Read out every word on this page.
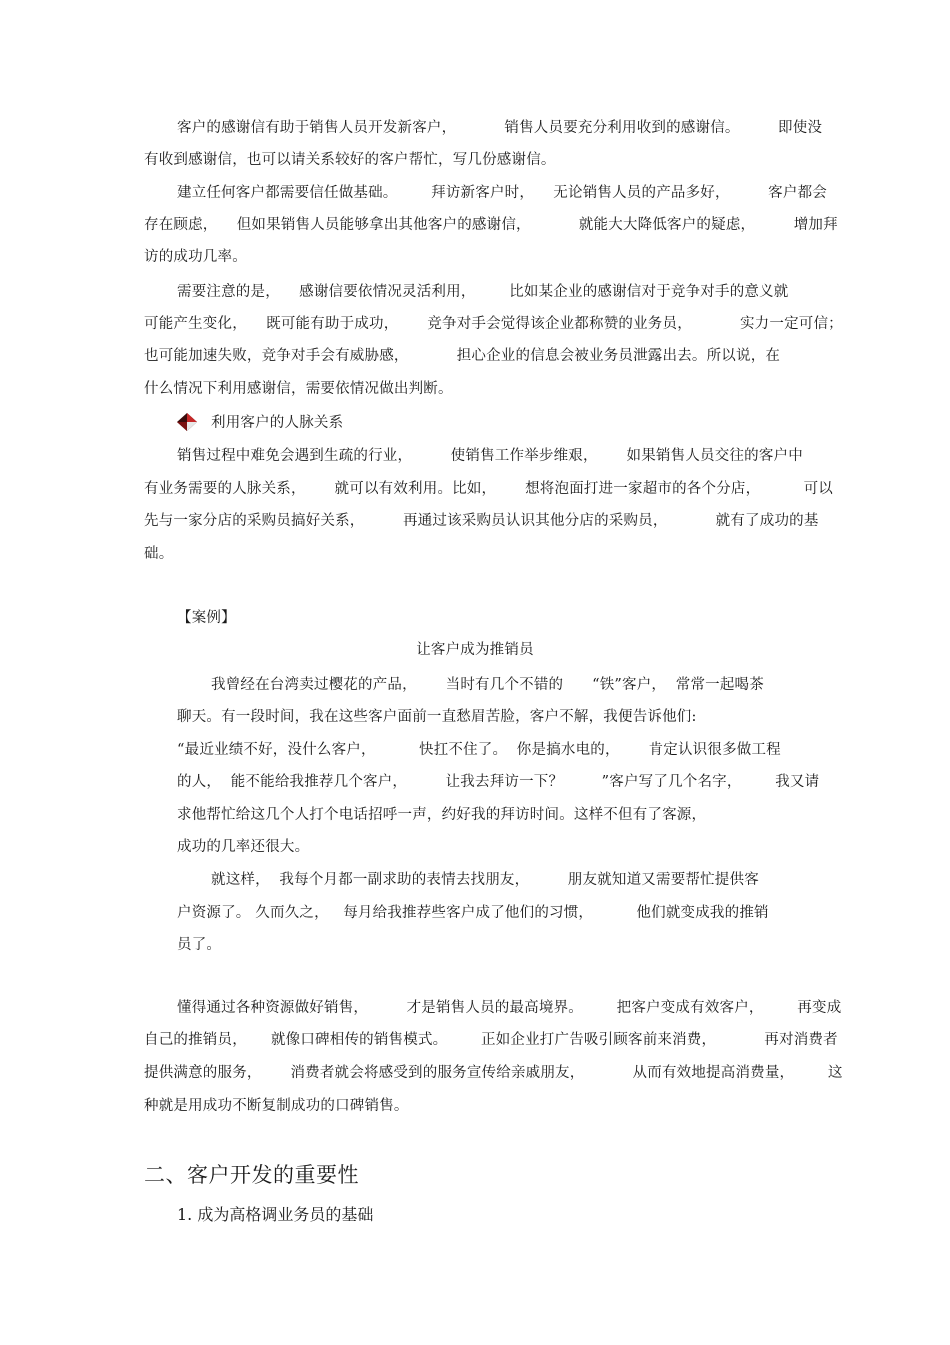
客户的感谢信有助于销售人员开发新客户，          销售人员要充分利用收到的感谢信。        即使没
有收到感谢信，也可以请关系较好的客户帮忙，写几份感谢信。
建立任何客户都需要信任做基础。       拜访新客户时，    无论销售人员的产品多好，        客户都会
存在顾虑，    但如果销售人员能够拿出其他客户的感谢信，          就能大大降低客户的疑虑，        增加拜
访的成功几率。
需要注意的是，    感谢信要依情况灵活利用，       比如某企业的感谢信对于竞争对手的意义就
可能产生变化，    既可能有助于成功，      竞争对手会觉得该企业都称赞的业务员，          实力一定可信；
也可能加速失败，竞争对手会有威胁感，          担心企业的信息会被业务员泄露出去。所以说，在
什么情况下利用感谢信，需要依情况做出判断。
利用客户的人脉关系
销售过程中难免会遇到生疏的行业，        使销售工作举步维艰，      如果销售人员交往的客户中
有业务需要的人脉关系，      就可以有效利用。比如，      想将泡面打进一家超市的各个分店，         可以
先与一家分店的采购员搞好关系，        再通过该采购员认识其他分店的采购员，          就有了成功的基
础。
【案例】
让客户成为推销员
我曾经在台湾卖过樱花的产品，      当时有几个不错的      “铁”客户，  常常一起喝茶
聊天。有一段时间，我在这些客户面前一直愁眉苦脸，客户不解，我便告诉他们:
“最近业绩不好，没什么客户，         快扛不住了。  你是搞水电的，      肯定认识很多做工程
的人，  能不能给我推荐几个客户，        让我去拜访一下？        ”客户写了几个名字，       我又请
求他帮忙给这几个人打个电话招呼一声，约好我的拜访时间。这样不但有了客源，
成功的几率还很大。
就这样，  我每个月都一副求助的表情去找朋友，        朋友就知道又需要帮忙提供客
户资源了。 久而久之，   每月给我推荐些客户成了他们的习惯，         他们就变成我的推销
员了。
懂得通过各种资源做好销售，        才是销售人员的最高境界。       把客户变成有效客户，       再变成
自己的推销员，     就像口碑相传的销售模式。       正如企业打广告吸引顾客前来消费，          再对消费者
提供满意的服务，      消费者就会将感受到的服务宣传给亲戚朋友，          从而有效地提高消费量，       这
种就是用成功不断复制成功的口碑销售。
二、客户开发的重要性
1. 成为高格调业务员的基础
